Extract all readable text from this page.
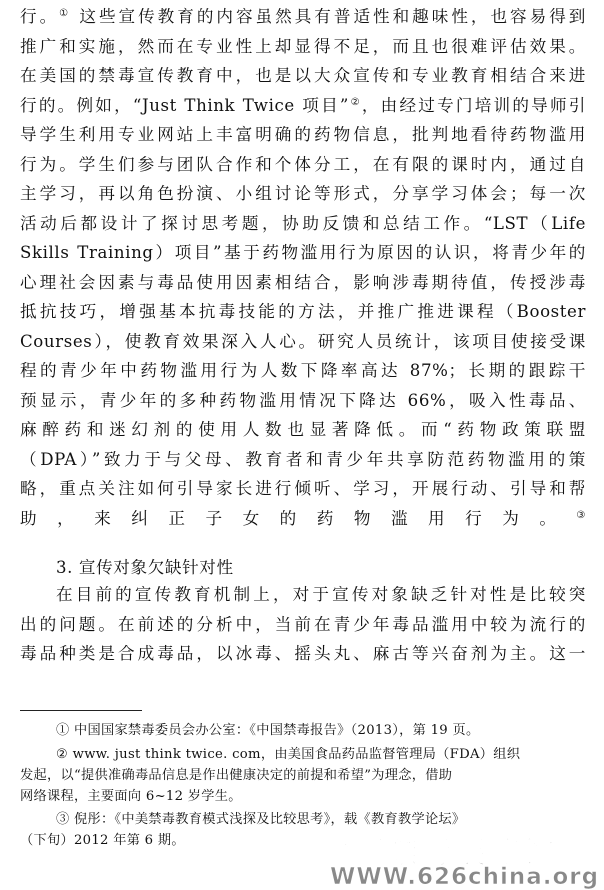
行。① 这些宣传教育的内容虽然具有普适性和趣味性，也容易得到
推广和实施，然而在专业性上却显得不足，而且也很难评估效果。
在美国的禁毒宣传教育中，也是以大众宣传和专业教育相结合来进
行的。例如，“Just Think Twice 项目”②，由经过专门培训的导师引
导学生利用专业网站上丰富明确的药物信息，批判地看待药物滥用
行为。学生们参与团队合作和个体分工，在有限的课时内，通过自
主学习，再以角色扮演、小组讨论等形式，分享学习体会；每一次
活动后都设计了探讨思考题，协助反馈和总结工作。“LST（Life
Skills Training）项目”基于药物滥用行为原因的认识，将青少年的
心理社会因素与毒品使用因素相结合，影响涉毒期待值，传授涉毒
抵抗技巧，增强基本抗毒技能的方法，并推广推进课程（Booster
Courses），使教育效果深入人心。研究人员统计，该项目使接受课
程的青少年中药物滥用行为人数下降率高达 87%；长期的跟踪干
预显示，青少年的多种药物滥用情况下降达 66%，吸入性毒品、
麻醉药和迷幻剂的使用人数也显著降低。而“药物政策联盟
（DPA）”致力于与父母、教育者和青少年共享防范药物滥用的策
略，重点关注如何引导家长进行倾听、学习，开展行动、引导和帮
助，来纠正子女的药物滥用行为。③
3. 宣传对象欠缺针对性
在目前的宣传教育机制上，对于宣传对象缺乏针对性是比较突
出的问题。在前述的分析中，当前在青少年毒品滥用中较为流行的
毒品种类是合成毒品，以冰毒、摇头丸、麻古等兴奋剂为主。这一
① 中国国家禁毒委员会办公室：《中国禁毒报告》（2013），第 19 页。
② www. just think twice. com，由美国食品药品监督管理局（FDA）组织
发起，以“提供准确毒品信息是作出健康决定的前提和希望”为理念，借助
网络课程，主要面向 6~12 岁学生。
③ 倪彤：《中美禁毒教育模式浅探及比较思考》，载《教育教学论坛》
（下旬）2012 年第 6 期。	中国禁毒展览馆
WWW.626china.org
